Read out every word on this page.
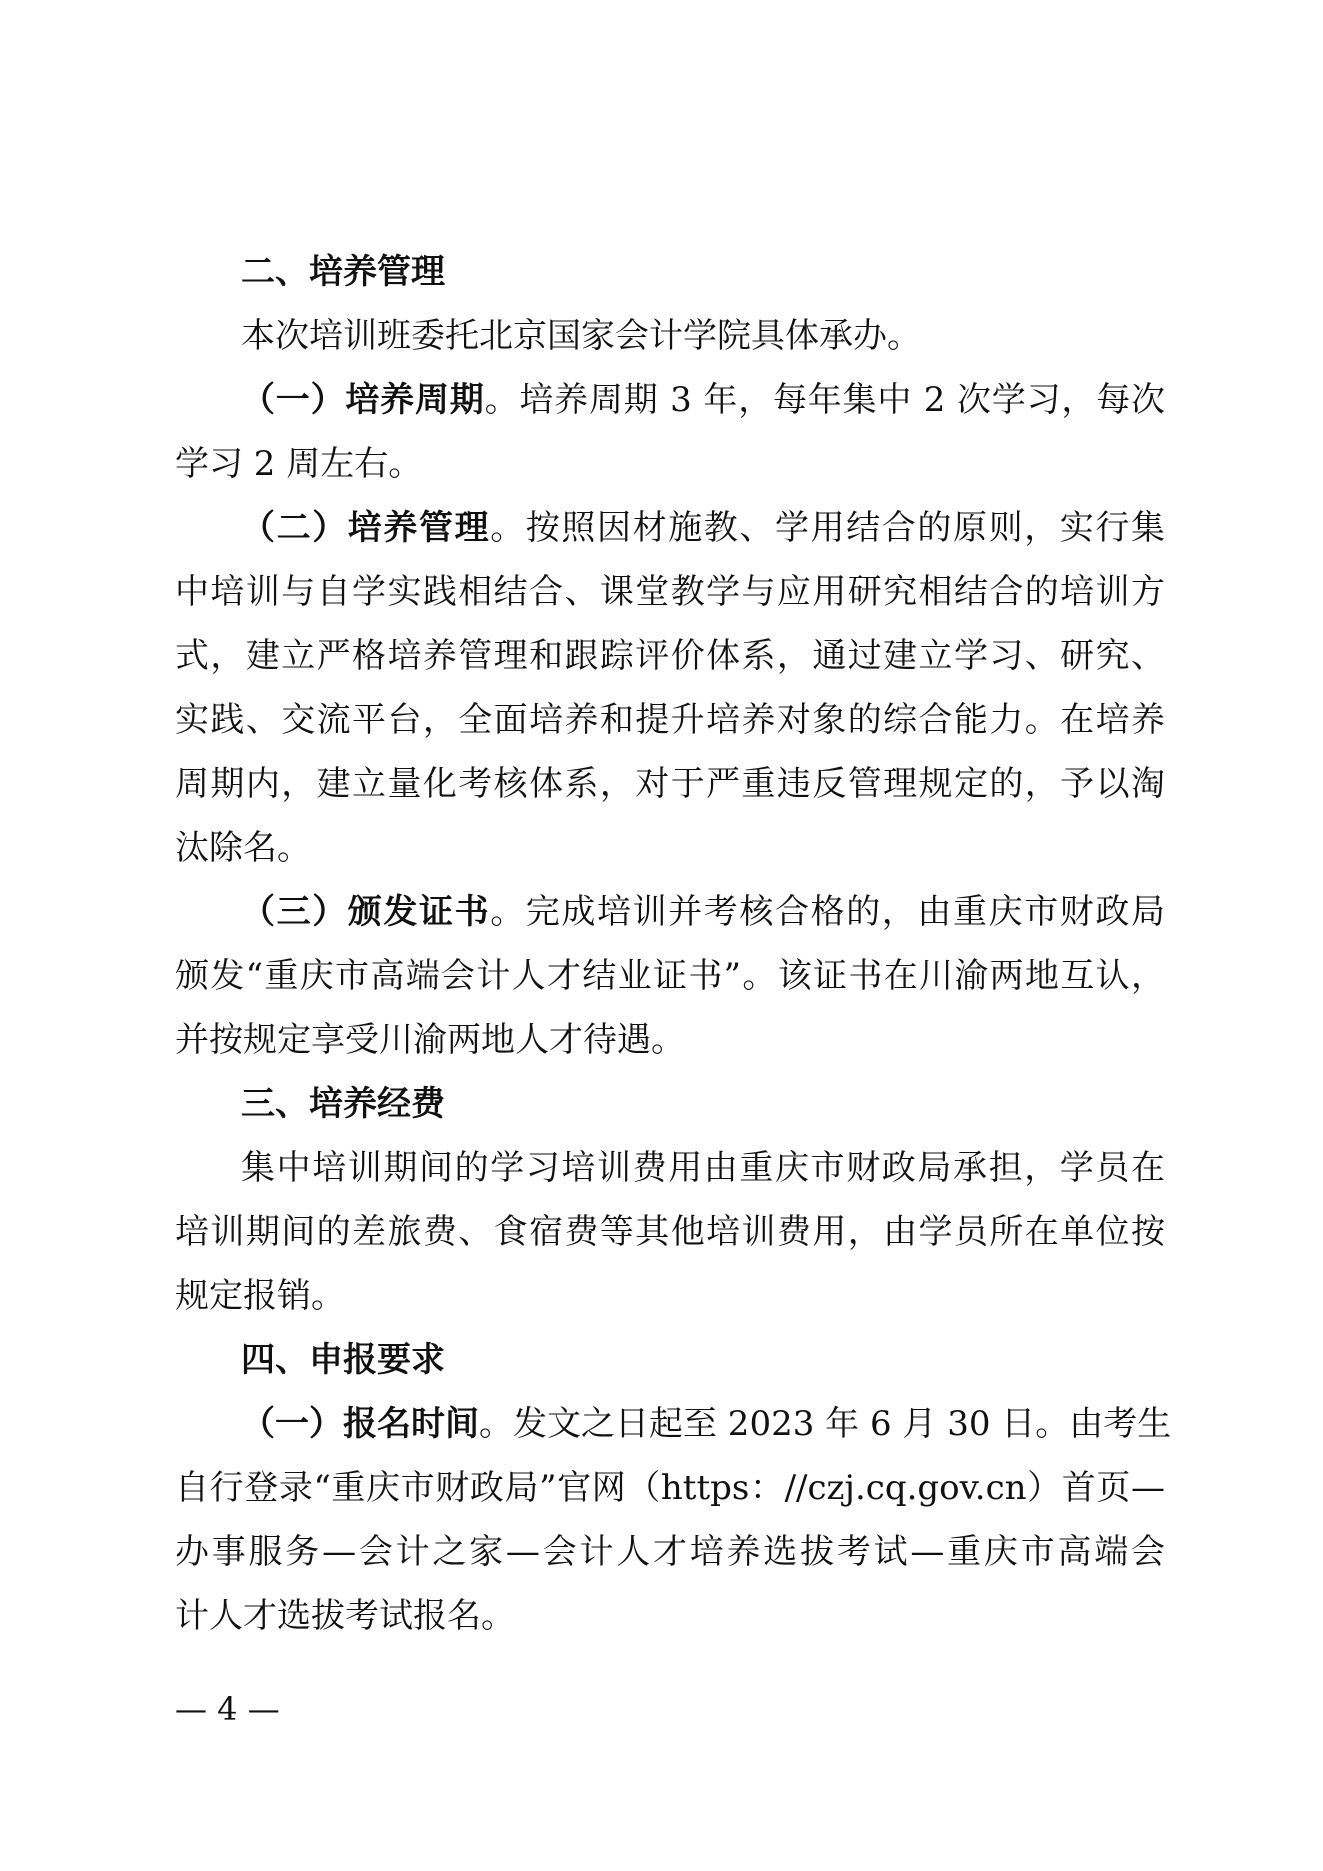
二、培养管理
本次培训班委托北京国家会计学院具体承办。
（一）培养周期。培养周期 3 年，每年集中 2 次学习，每次
学习 2 周左右。
（二）培养管理。按照因材施教、学用结合的原则，实行集
中培训与自学实践相结合、课堂教学与应用研究相结合的培训方
式，建立严格培养管理和跟踪评价体系，通过建立学习、研究、
实践、交流平台，全面培养和提升培养对象的综合能力。在培养
周期内，建立量化考核体系，对于严重违反管理规定的，予以淘
汰除名。
（三）颁发证书。完成培训并考核合格的，由重庆市财政局
颁发“重庆市高端会计人才结业证书”。该证书在川渝两地互认，
并按规定享受川渝两地人才待遇。
三、培养经费
集中培训期间的学习培训费用由重庆市财政局承担，学员在
培训期间的差旅费、食宿费等其他培训费用，由学员所在单位按
规定报销。
四、申报要求
（一）报名时间。发文之日起至 2023 年 6 月 30 日。由考生
自行登录“重庆市财政局”官网（https：//czj.cq.gov.cn）首页—
办事服务—会计之家—会计人才培养选拔考试—重庆市高端会
计人才选拔考试报名。
— 4 —
